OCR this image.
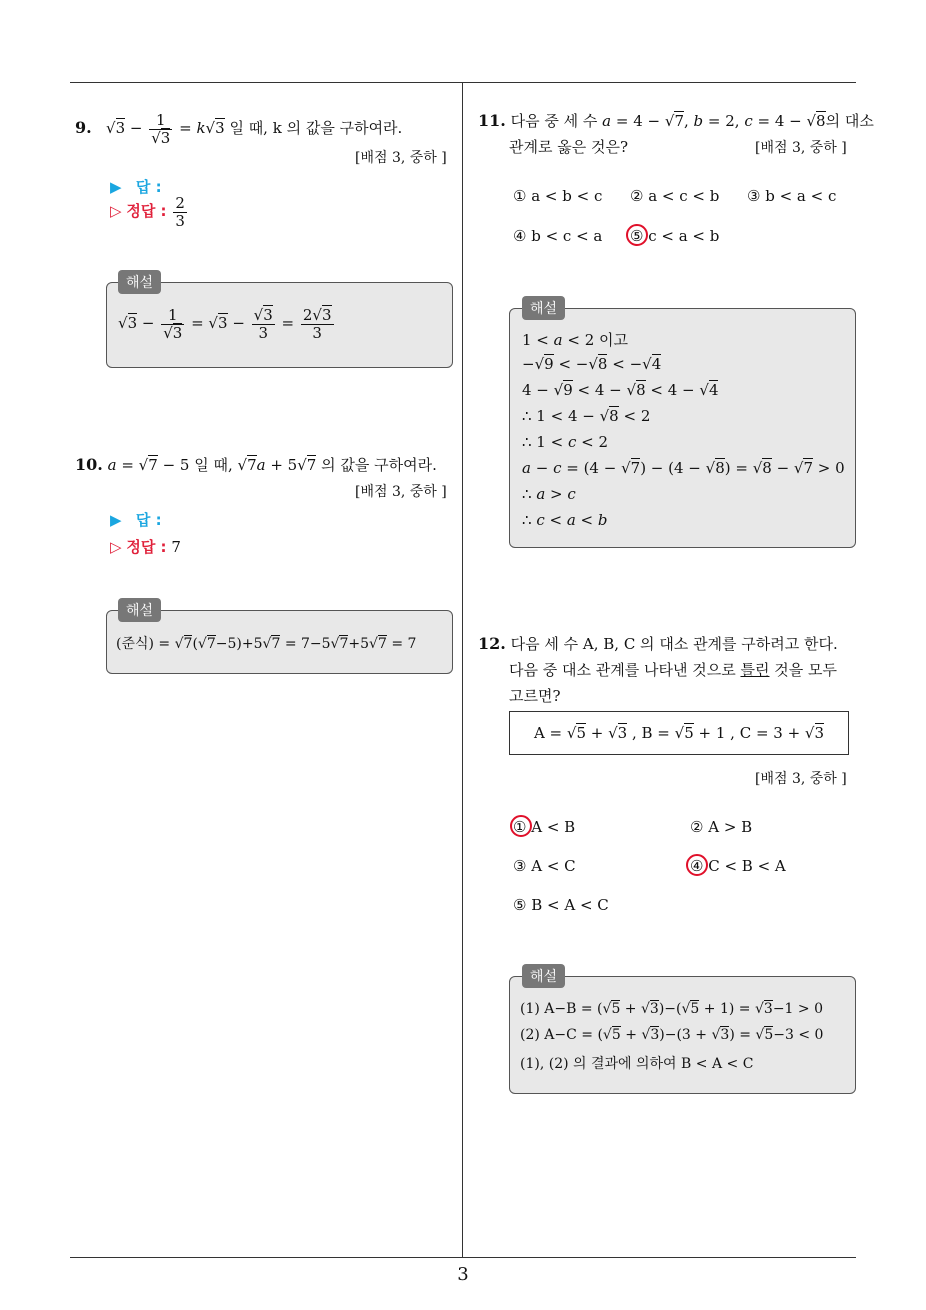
3
9. $√3 - \frac{1}{√3} = k√3$ 일 때, k 의 값을 구하여라.
[배점 3, 중하 ]
▶ 답 :
▷ 정답 : $\frac{2}{3}$
해설
$√3 - \frac{1}{√3} = √3 - \frac{√3}{3} = \frac{2√3}{3}$
10. a = √7 − 5 일 때, √7a + 5√7 의 값을 구하여라.
[배점 3, 중하 ]
▶ 답 :
▷ 정답 : 7
해설
(준식) = √7(√7−5)+5√7 = 7−5√7+5√7 = 7
11. 다음 중 세 수 a = 4 − √7, b = 2, c = 4 − √8의 대소
관계로 옳은 것은?	[배점 3, 중하 ]
① a < b < c ② a < c < b ③ b < a < c
④ b < c < a ⑤ c < a < b
해설
1 < a < 2 이고
−√9 < −√8 < −√4
4 − √9 < 4 − √8 < 4 − √4
∴ 1 < 4 − √8 < 2
∴ 1 < c < 2
a − c = (4 − √7) − (4 − √8) = √8 − √7 > 0
∴ a > c
∴ c < a < b
12. 다음 세 수 A, B, C 의 대소 관계를 구하려고 한다.
다음 중 대소 관계를 나타낸 것으로 틀린 것을 모두
고르면?
A = √5 + √3 , B = √5 + 1 , C = 3 + √3
[배점 3, 중하 ]
① A < B	② A > B
③ A < C	④ C < B < A
⑤ B < A < C
해설
(1) A−B = (√5 + √3)−(√5 + 1) = √3−1 > 0
(2) A−C = (√5 + √3)−(3 + √3) = √5−3 < 0
(1), (2) 의 결과에 의하여 B < A < C
